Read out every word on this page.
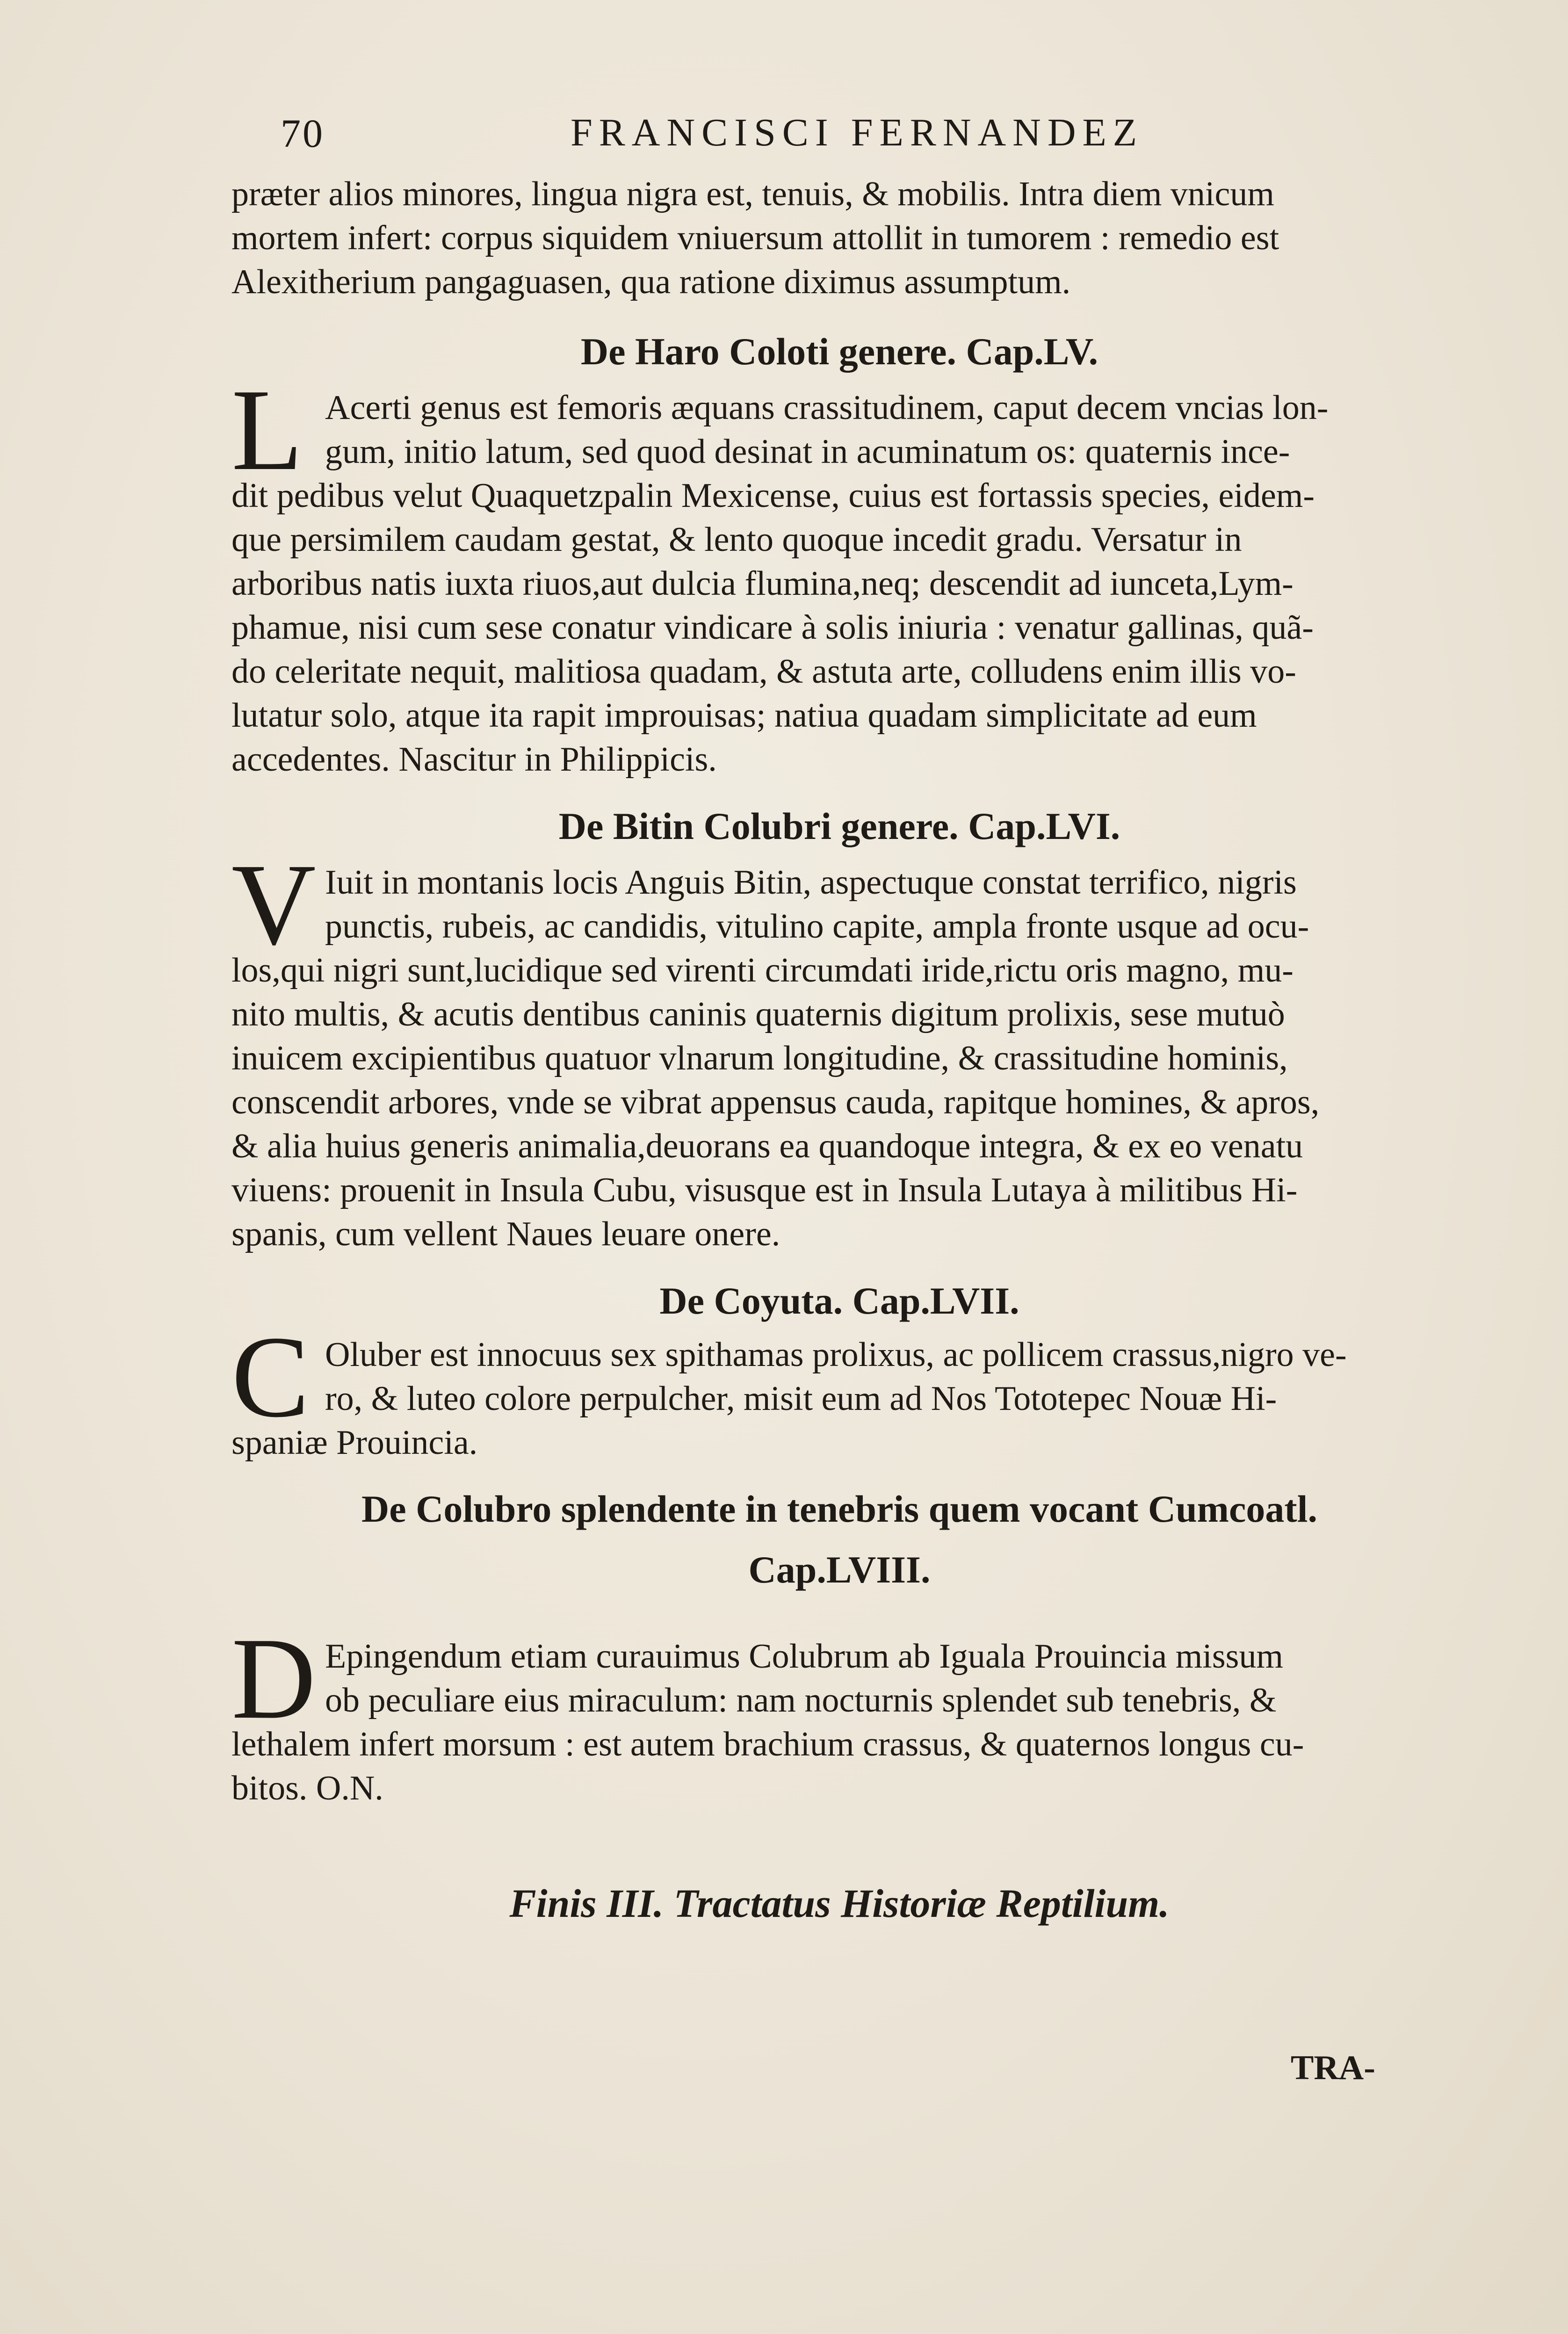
70	FRANCISCI FERNANDEZ
præter alios minores, lingua nigra est, tenuis, & mobilis. Intra diem vnicum
mortem infert: corpus siquidem vniuersum attollit in tumorem : remedio est
Alexitherium pangaguasen, qua ratione diximus assumptum.
De Haro Coloti genere. Cap.LV.
L Acerti genus est femoris æquans crassitudinem, caput decem vncias lon-
gum, initio latum, sed quod desinat in acuminatum os: quaternis ince-
dit pedibus velut Quaquetzpalin Mexicense, cuius est fortassis species, eidem-
que persimilem caudam gestat, & lento quoque incedit gradu. Versatur in
arboribus natis iuxta riuos,aut dulcia flumina,neq; descendit ad iunceta,Lym-
phamue, nisi cum sese conatur vindicare à solis iniuria : venatur gallinas, quã-
do celeritate nequit, malitiosa quadam, & astuta arte, colludens enim illis vo-
lutatur solo, atque ita rapit improuisas; natiua quadam simplicitate ad eum
accedentes. Nascitur in Philippicis.
De Bitin Colubri genere. Cap.LVI.
V Iuit in montanis locis Anguis Bitin, aspectuque constat terrifico, nigris
punctis, rubeis, ac candidis, vitulino capite, ampla fronte usque ad ocu-
los,qui nigri sunt,lucidique sed virenti circumdati iride,rictu oris magno, mu-
nito multis, & acutis dentibus caninis quaternis digitum prolixis, sese mutuò
inuicem excipientibus quatuor vlnarum longitudine, & crassitudine hominis,
conscendit arbores, vnde se vibrat appensus cauda, rapitque homines, & apros,
& alia huius generis animalia,deuorans ea quandoque integra, & ex eo venatu
viuens: prouenit in Insula Cubu, visusque est in Insula Lutaya à militibus Hi-
spanis, cum vellent Naues leuare onere.
De Coyuta. Cap.LVII.
C Oluber est innocuus sex spithamas prolixus, ac pollicem crassus,nigro ve-
ro, & luteo colore perpulcher, misit eum ad Nos Tototepec Nouæ Hi-
spaniæ Prouincia.
De Colubro splendente in tenebris quem vocant Cumcoatl.
Cap.LVIII.
D Epingendum etiam curauimus Colubrum ab Iguala Prouincia missum
ob peculiare eius miraculum: nam nocturnis splendet sub tenebris, &
lethalem infert morsum : est autem brachium crassus, & quaternos longus cu-
bitos. O.N.
Finis III. Tractatus Historiæ Reptilium.
TRA-
